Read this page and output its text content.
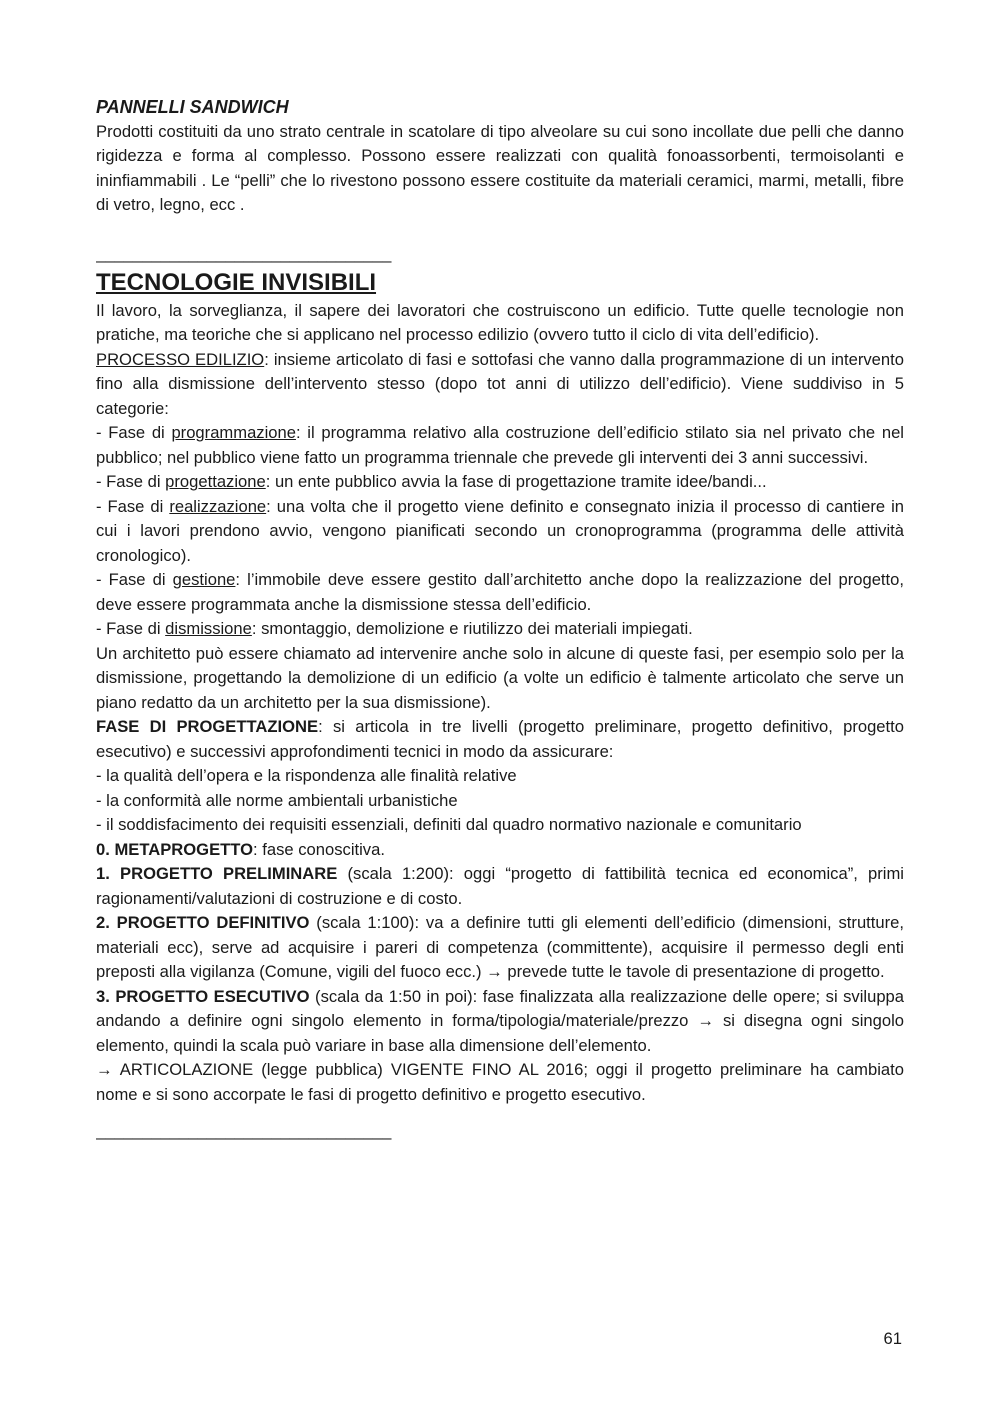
PANNELLI SANDWICH

Prodotti costituiti da uno strato centrale in scatolare di tipo alveolare su cui sono incollate due pelli che danno rigidezza e forma al complesso. Possono essere realizzati con qualità fonoassorbenti, termoisolanti e ininfiammabili . Le “pelli” che lo rivestono possono essere costituite da materiali ceramici, marmi, metalli, fibre di vetro, legno, ecc .

________________________________

TECNOLOGIE INVISIBILI

Il lavoro, la sorveglianza, il sapere dei lavoratori che costruiscono un edificio. Tutte quelle tecnologie non pratiche, ma teoriche che si applicano nel processo edilizio (ovvero tutto il ciclo di vita dell’edificio).

PROCESSO EDILIZIO: insieme articolato di fasi e sottofasi che vanno dalla programmazione di un intervento fino alla dismissione dell’intervento stesso (dopo tot anni di utilizzo dell’edificio). Viene suddiviso in 5 categorie:

- Fase di programmazione: il programma relativo alla costruzione dell’edificio stilato sia nel privato che nel pubblico; nel pubblico viene fatto un programma triennale che prevede gli interventi dei 3 anni successivi.

- Fase di progettazione: un ente pubblico avvia la fase di progettazione tramite idee/bandi...

- Fase di realizzazione: una volta che il progetto viene definito e consegnato inizia il processo di cantiere in cui i lavori prendono avvio, vengono pianificati secondo un cronoprogramma (programma delle attività cronologico).

- Fase di gestione: l’immobile deve essere gestito dall’architetto anche dopo la realizzazione del progetto, deve essere programmata anche la dismissione stessa dell’edificio.

- Fase di dismissione: smontaggio, demolizione e riutilizzo dei materiali impiegati.

Un architetto può essere chiamato ad intervenire anche solo in alcune di queste fasi, per esempio solo per la dismissione, progettando la demolizione di un edificio (a volte un edificio è talmente articolato che serve un piano redatto da un architetto per la sua dismissione).

FASE DI PROGETTAZIONE: si articola in tre livelli (progetto preliminare, progetto definitivo, progetto esecutivo) e successivi approfondimenti tecnici in modo da assicurare:

- la qualità dell’opera e la rispondenza alle finalità relative

- la conformità alle norme ambientali urbanistiche

- il soddisfacimento dei requisiti essenziali, definiti dal quadro normativo nazionale e comunitario

0. METAPROGETTO: fase conoscitiva.

1. PROGETTO PRELIMINARE (scala 1:200): oggi “progetto di fattibilità tecnica ed economica”, primi ragionamenti/valutazioni di costruzione e di costo.

2. PROGETTO DEFINITIVO (scala 1:100): va a definire tutti gli elementi dell’edificio (dimensioni, strutture, materiali ecc), serve ad acquisire i pareri di competenza (committente), acquisire il permesso degli enti preposti alla vigilanza (Comune, vigili del fuoco ecc.) → prevede tutte le tavole di presentazione di progetto.

3. PROGETTO ESECUTIVO (scala da 1:50 in poi): fase finalizzata alla realizzazione delle opere; si sviluppa andando a definire ogni singolo elemento in forma/tipologia/materiale/prezzo → si disegna ogni singolo elemento, quindi la scala può variare in base alla dimensione dell’elemento.

→ ARTICOLAZIONE (legge pubblica) VIGENTE FINO AL 2016; oggi il progetto preliminare ha cambiato nome e si sono accorpate le fasi di progetto definitivo e progetto esecutivo.

________________________________

61
